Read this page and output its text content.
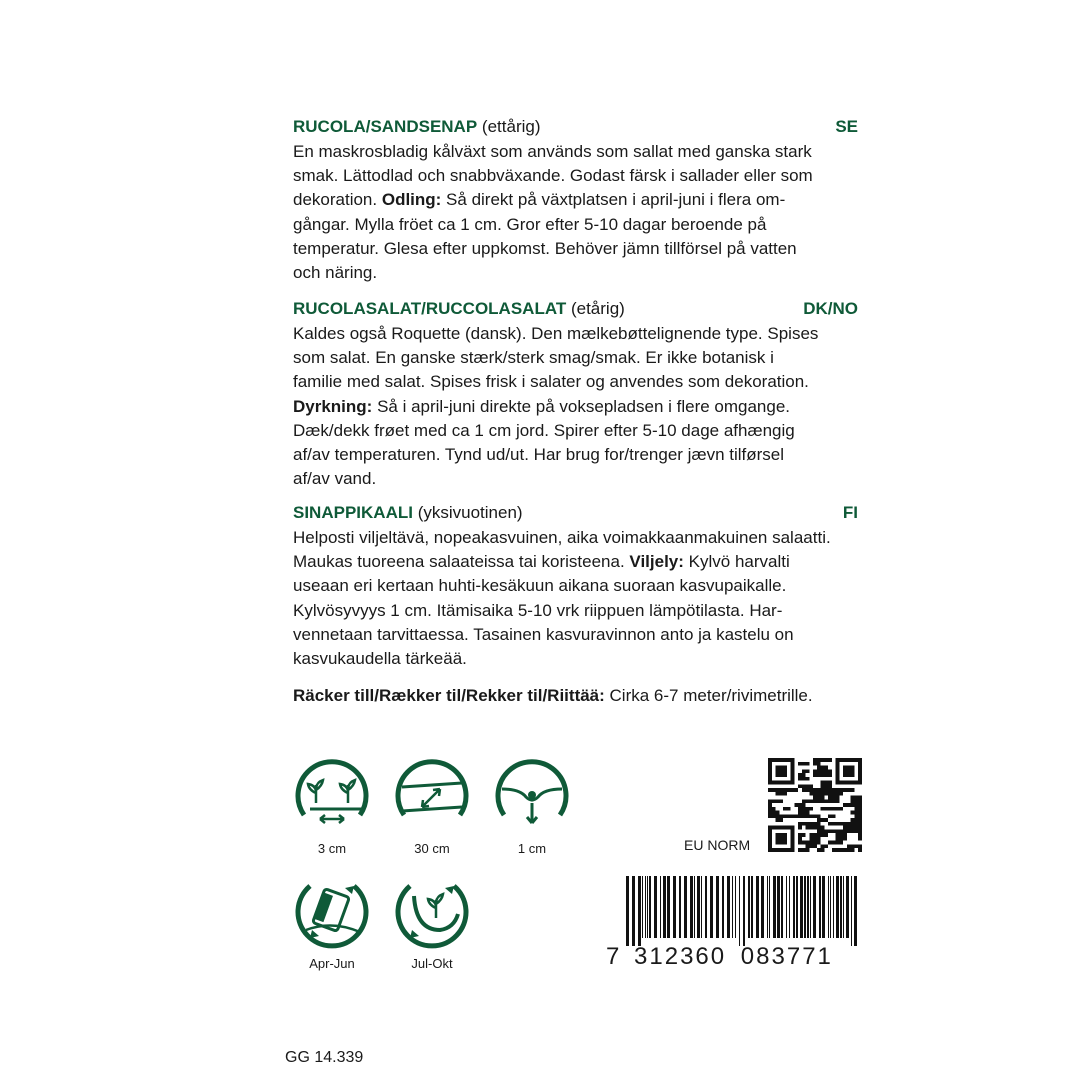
RUCOLA/SANDSENAP (ettårig)	SE
En maskrosbladig kålväxt som används som sallat med ganska stark
smak. Lättodlad och snabbväxande. Godast färsk i sallader eller som
dekoration. Odling: Så direkt på växtplatsen i april-juni i flera om-
gångar. Mylla fröet ca 1 cm. Gror efter 5-10 dagar beroende på
temperatur. Glesa efter uppkomst. Behöver jämn tillförsel på vatten
och näring.
RUCOLASALAT/RUCCOLASALAT (etårig)	DK/NO
Kaldes også Roquette (dansk). Den mælkebøttelignende type. Spises
som salat. En ganske stærk/sterk smag/smak. Er ikke botanisk i
familie med salat. Spises frisk i salater og anvendes som dekoration.
Dyrkning: Så i april-juni direkte på voksepladsen i flere omgange.
Dæk/dekk frøet med ca 1 cm jord. Spirer efter 5-10 dage afhængig
af/av temperaturen. Tynd ud/ut. Har brug for/trenger jævn tilførsel
af/av vand.
SINAPPIKAALI (yksivuotinen)	FI
Helposti viljeltävä, nopeakasvuinen, aika voimakkaanmakuinen salaatti.
Maukas tuoreena salaateissa tai koristeena. Viljely: Kylvö harvalti
useaan eri kertaan huhti-kesäkuun aikana suoraan kasvupaikalle.
Kylvösyvyys 1 cm. Itämisaika 5-10 vrk riippuen lämpötilasta. Har-
vennetaan tarvittaessa. Tasainen kasvuravinnon anto ja kastelu on
kasvukaudella tärkeää.
Räcker till/Rækker til/Rekker til/Riittää: Cirka 6-7 meter/rivimetrille.
3 cm	30 cm	1 cm
Apr-Jun	Jul-Okt
EU NORM
7 312360 083771
GG 14.339
